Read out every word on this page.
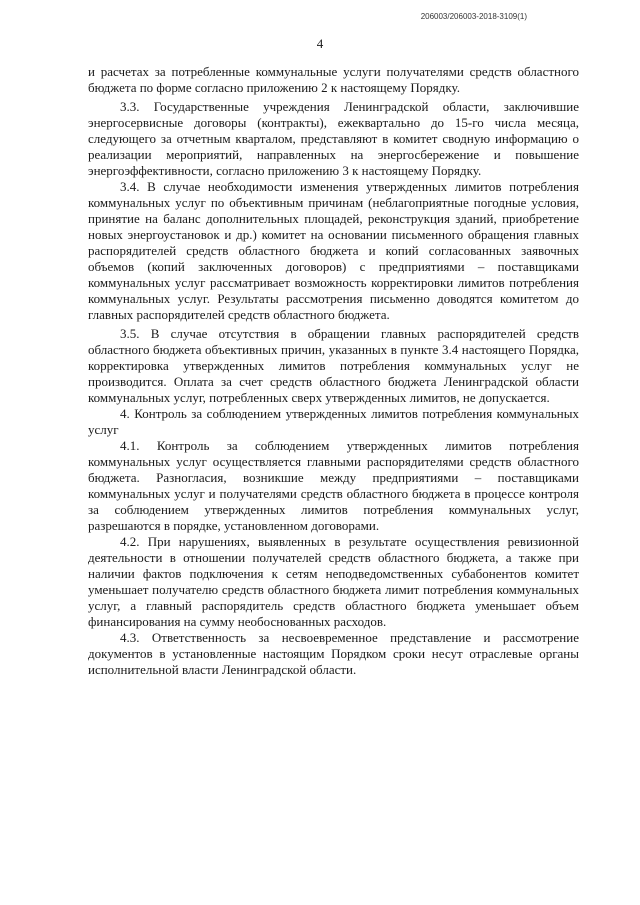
206003/206003-2018-3109(1)
4

и расчетах за потребленные коммунальные услуги получателями средств областного бюджета по форме согласно приложению 2 к настоящему Порядку.

3.3. Государственные учреждения Ленинградской области, заключившие энергосервисные договоры (контракты), ежеквартально до 15-го числа месяца, следующего за отчетным кварталом, представляют в комитет сводную информацию о реализации мероприятий, направленных на энергосбережение и повышение энергоэффективности, согласно приложению 3 к настоящему Порядку.

3.4. В случае необходимости изменения утвержденных лимитов потребления коммунальных услуг по объективным причинам (неблагоприятные погодные условия, принятие на баланс дополнительных площадей, реконструкция зданий, приобретение новых энергоустановок и др.) комитет на основании письменного обращения главных распорядителей средств областного бюджета и копий согласованных заявочных объемов (копий заключенных договоров) с предприятиями – поставщиками коммунальных услуг рассматривает возможность корректировки лимитов потребления коммунальных услуг. Результаты рассмотрения письменно доводятся комитетом до главных распорядителей средств областного бюджета.

3.5. В случае отсутствия в обращении главных распорядителей средств областного бюджета объективных причин, указанных в пункте 3.4 настоящего Порядка, корректировка утвержденных лимитов потребления коммунальных услуг не производится. Оплата за счет средств областного бюджета Ленинградской области коммунальных услуг, потребленных сверх утвержденных лимитов, не допускается.

4. Контроль за соблюдением утвержденных лимитов потребления коммунальных услуг

4.1. Контроль за соблюдением утвержденных лимитов потребления коммунальных услуг осуществляется главными распорядителями средств областного бюджета. Разногласия, возникшие между предприятиями – поставщиками коммунальных услуг и получателями средств областного бюджета в процессе контроля за соблюдением утвержденных лимитов потребления коммунальных услуг, разрешаются в порядке, установленном договорами.

4.2. При нарушениях, выявленных в результате осуществления ревизионной деятельности в отношении получателей средств областного бюджета, а также при наличии фактов подключения к сетям неподведомственных субабонентов комитет уменьшает получателю средств областного бюджета лимит потребления коммунальных услуг, а главный распорядитель средств областного бюджета уменьшает объем финансирования на сумму необоснованных расходов.

4.3. Ответственность за несвоевременное представление и рассмотрение документов в установленные настоящим Порядком сроки несут отраслевые органы исполнительной власти Ленинградской области.
